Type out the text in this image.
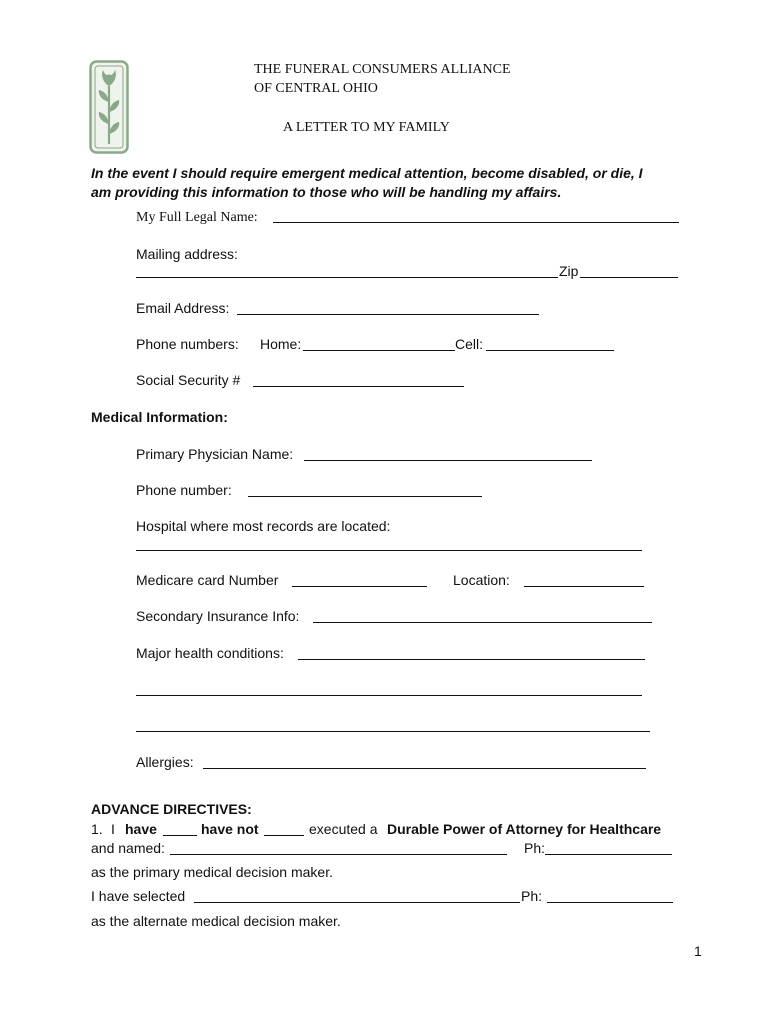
THE FUNERAL CONSUMERS ALLIANCE
OF CENTRAL OHIO
A LETTER TO MY FAMILY
In the event I should require emergent medical attention, become disabled, or die, I
am providing this information to those who will be handling my affairs.
My Full Legal Name:
Mailing address:
Zip
Email Address:
Phone numbers: Home:	Cell:
Social Security #
Medical Information:
Primary Physician Name:
Phone number:
Hospital where most records are located:
Medicare card Number	Location:
Secondary Insurance Info:
Major health conditions:
Allergies:
ADVANCE DIRECTIVES:
1. I have	have not	executed a Durable Power of Attorney for Healthcare
and named:	Ph:
as the primary medical decision maker.
I have selected	Ph:
as the alternate medical decision maker.
1
